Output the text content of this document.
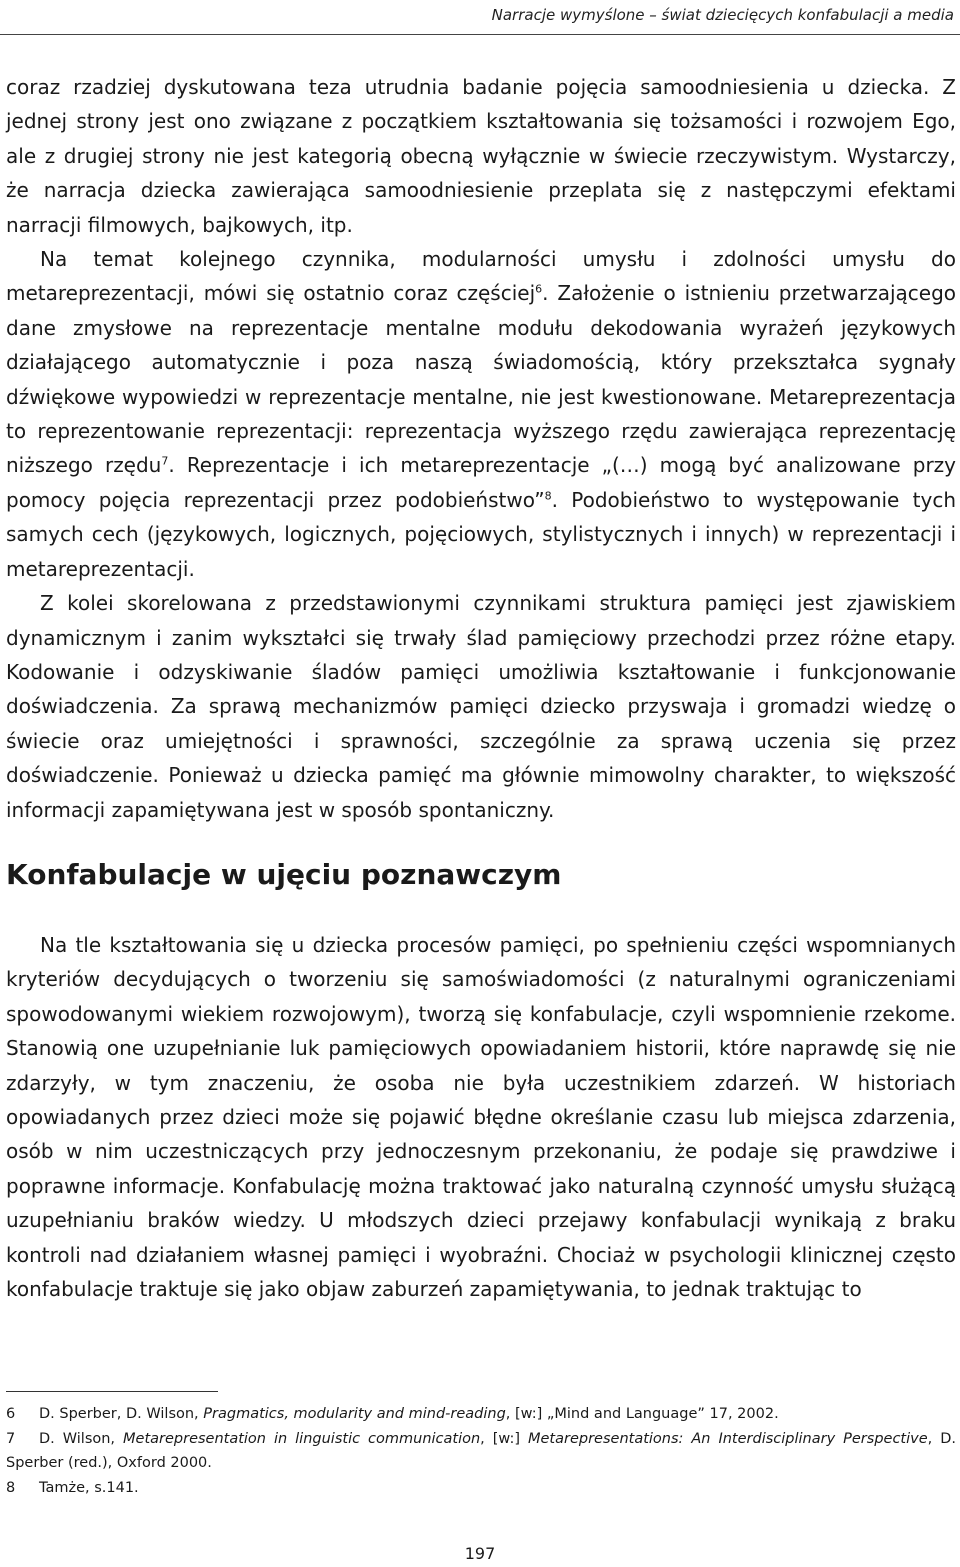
Narracje wymyślone – świat dziecięcych konfabulacji a media

coraz rzadziej dyskutowana teza utrudnia badanie pojęcia samoodniesienia u dziecka. Z jednej strony jest ono związane z początkiem kształtowania się tożsamości i rozwojem Ego, ale z drugiej strony nie jest kategorią obecną wyłącznie w świecie rzeczywistym. Wystarczy, że narracja dziecka zawierająca samoodniesienie przeplata się z następczymi efektami narracji filmowych, bajkowych, itp.

Na temat kolejnego czynnika, modularności umysłu i zdolności umysłu do metareprezentacji, mówi się ostatnio coraz częściej$^6$. Założenie o istnieniu przetwarzającego dane zmysłowe na reprezentacje mentalne modułu dekodowania wyrażeń językowych działającego automatycznie i poza naszą świadomością, który przekształca sygnały dźwiękowe wypowiedzi w reprezentacje mentalne, nie jest kwestionowane. Metareprezentacja to reprezentowanie reprezentacji: reprezentacja wyższego rzędu zawierająca reprezentację niższego rzędu$^7$. Reprezentacje i ich metareprezentacje „(…) mogą być analizowane przy pomocy pojęcia reprezentacji przez podobieństwo”$^8$. Podobieństwo to występowanie tych samych cech (językowych, logicznych, pojęciowych, stylistycznych i innych) w reprezentacji i metareprezentacji.

Z kolei skorelowana z przedstawionymi czynnikami struktura pamięci jest zjawiskiem dynamicznym i zanim wykształci się trwały ślad pamięciowy przechodzi przez różne etapy. Kodowanie i odzyskiwanie śladów pamięci umożliwia kształtowanie i funkcjonowanie doświadczenia. Za sprawą mechanizmów pamięci dziecko przyswaja i gromadzi wiedzę o świecie oraz umiejętności i sprawności, szczególnie za sprawą uczenia się przez doświadczenie. Ponieważ u dziecka pamięć ma głównie mimowolny charakter, to większość informacji zapamiętywana jest w sposób spontaniczny.

Konfabulacje w ujęciu poznawczym

Na tle kształtowania się u dziecka procesów pamięci, po spełnieniu części wspomnianych kryteriów decydujących o tworzeniu się samoświadomości (z naturalnymi ograniczeniami spowodowanymi wiekiem rozwojowym), tworzą się konfabulacje, czyli wspomnienie rzekome. Stanowią one uzupełnianie luk pamięciowych opowiadaniem historii, które naprawdę się nie zdarzyły, w tym znaczeniu, że osoba nie była uczestnikiem zdarzeń. W historiach opowiadanych przez dzieci może się pojawić błędne określanie czasu lub miejsca zdarzenia, osób w nim uczestniczących przy jednoczesnym przekonaniu, że podaje się prawdziwe i poprawne informacje. Konfabulację można traktować jako naturalną czynność umysłu służącą uzupełnianiu braków wiedzy. U młodszych dzieci przejawy konfabulacji wynikają z braku kontroli nad działaniem własnej pamięci i wyobraźni. Chociaż w psychologii klinicznej często konfabulacje traktuje się jako objaw zaburzeń zapamiętywania, to jednak traktując to

6 D. Sperber, D. Wilson, Pragmatics, modularity and mind-reading, [w:] „Mind and Language” 17, 2002.

7 D. Wilson, Metarepresentation in linguistic communication, [w:] Metarepresentations: An Interdisciplinary Perspective, D. Sperber (red.), Oxford 2000.

8 Tamże, s.141.

197
